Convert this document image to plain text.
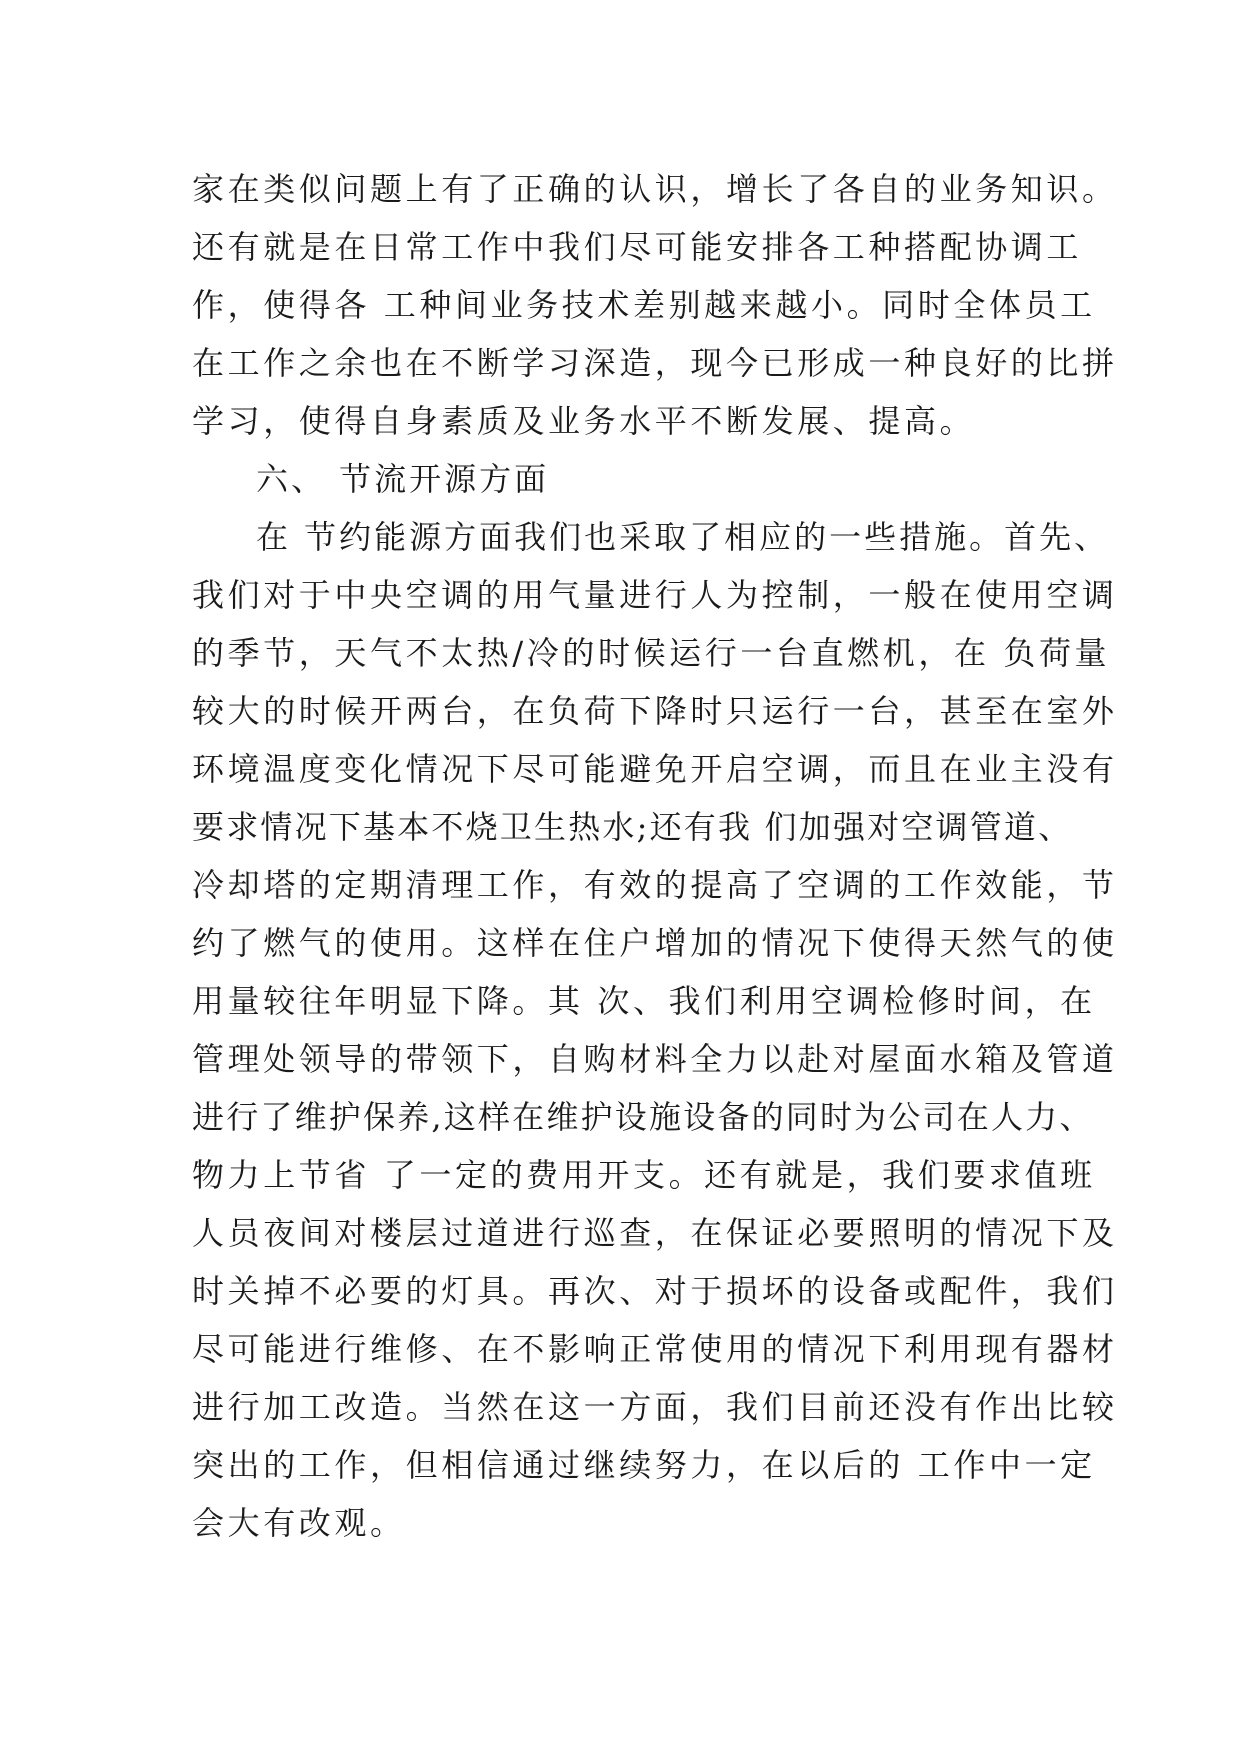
家在类似问题上有了正确的认识，增长了各自的业务知识。
还有就是在日常工作中我们尽可能安排各工种搭配协调工
作，使得各 工种间业务技术差别越来越小。同时全体员工
在工作之余也在不断学习深造，现今已形成一种良好的比拼
学习，使得自身素质及业务水平不断发展、提高。
六、 节流开源方面
在 节约能源方面我们也采取了相应的一些措施。首先、
我们对于中央空调的用气量进行人为控制，一般在使用空调
的季节，天气不太热/冷的时候运行一台直燃机，在 负荷量
较大的时候开两台，在负荷下降时只运行一台，甚至在室外
环境温度变化情况下尽可能避免开启空调，而且在业主没有
要求情况下基本不烧卫生热水;还有我 们加强对空调管道、
冷却塔的定期清理工作，有效的提高了空调的工作效能，节
约了燃气的使用。这样在住户增加的情况下使得天然气的使
用量较往年明显下降。其 次、我们利用空调检修时间，在
管理处领导的带领下，自购材料全力以赴对屋面水箱及管道
进行了维护保养,这样在维护设施设备的同时为公司在人力、
物力上节省 了一定的费用开支。还有就是，我们要求值班
人员夜间对楼层过道进行巡查，在保证必要照明的情况下及
时关掉不必要的灯具。再次、对于损坏的设备或配件，我们
尽可能进行维修、在不影响正常使用的情况下利用现有器材
进行加工改造。当然在这一方面，我们目前还没有作出比较
突出的工作，但相信通过继续努力，在以后的 工作中一定
会大有改观。
